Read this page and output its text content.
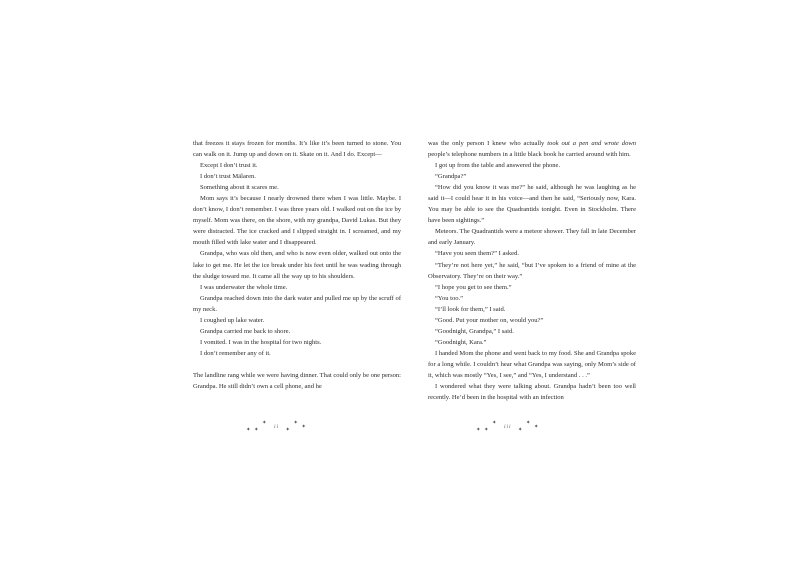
that freezes it stays frozen for months. It’s like it’s been turned to stone. You can walk on it. Jump up and down on it. Skate on it. And I do. Except—

Except I don’t trust it.

I don’t trust Mälaren.

Something about it scares me.

Mom says it’s because I nearly drowned there when I was little. Maybe. I don’t know, I don’t remember. I was three years old. I walked out on the ice by myself. Mom was there, on the shore, with my grandpa, David Lukas. But they were distracted. The ice cracked and I slipped straight in. I screamed, and my mouth filled with lake water and I disappeared.

Grandpa, who was old then, and who is now even older, walked out onto the lake to get me. He let the ice break under his feet until he was wading through the sludge toward me. It came all the way up to his shoulders.

I was underwater the whole time.

Grandpa reached down into the dark water and pulled me up by the scruff of my neck.

I coughed up lake water.

Grandpa carried me back to shore.

I vomited. I was in the hospital for two nights.

I don’t remember any of it.

The landline rang while we were having dinner. That could only be one person: Grandpa. He still didn’t own a cell phone, and he

✦ ✦ ✦ ii ✦ ✦ ✦

was the only person I knew who actually took out a pen and wrote down people’s telephone numbers in a little black book he carried around with him.

I got up from the table and answered the phone.

“Grandpa?”

“How did you know it was me?” he said, although he was laughing as he said it—I could hear it in his voice—and then he said, “Seriously now, Kara. You may be able to see the Quadrantids tonight. Even in Stockholm. There have been sightings.”

Meteors. The Quadrantids were a meteor shower. They fall in late December and early January.

“Have you seen them?” I asked.

“They’re not here yet,” he said, “but I’ve spoken to a friend of mine at the Observatory. They’re on their way.”

“I hope you get to see them.”

“You too.”

“I’ll look for them,” I said.

“Good. Put your mother on, would you?”

“Goodnight, Grandpa,” I said.

“Goodnight, Kara.”

I handed Mom the phone and went back to my food. She and Grandpa spoke for a long while. I couldn’t hear what Grandpa was saying, only Mom’s side of it, which was mostly “Yes, I see,” and “Yes, I understand . . .”

I wondered what they were talking about. Grandpa hadn’t been too well recently. He’d been in the hospital with an infection

✦ ✦ ✦ iii ✦ ✦ ✦
